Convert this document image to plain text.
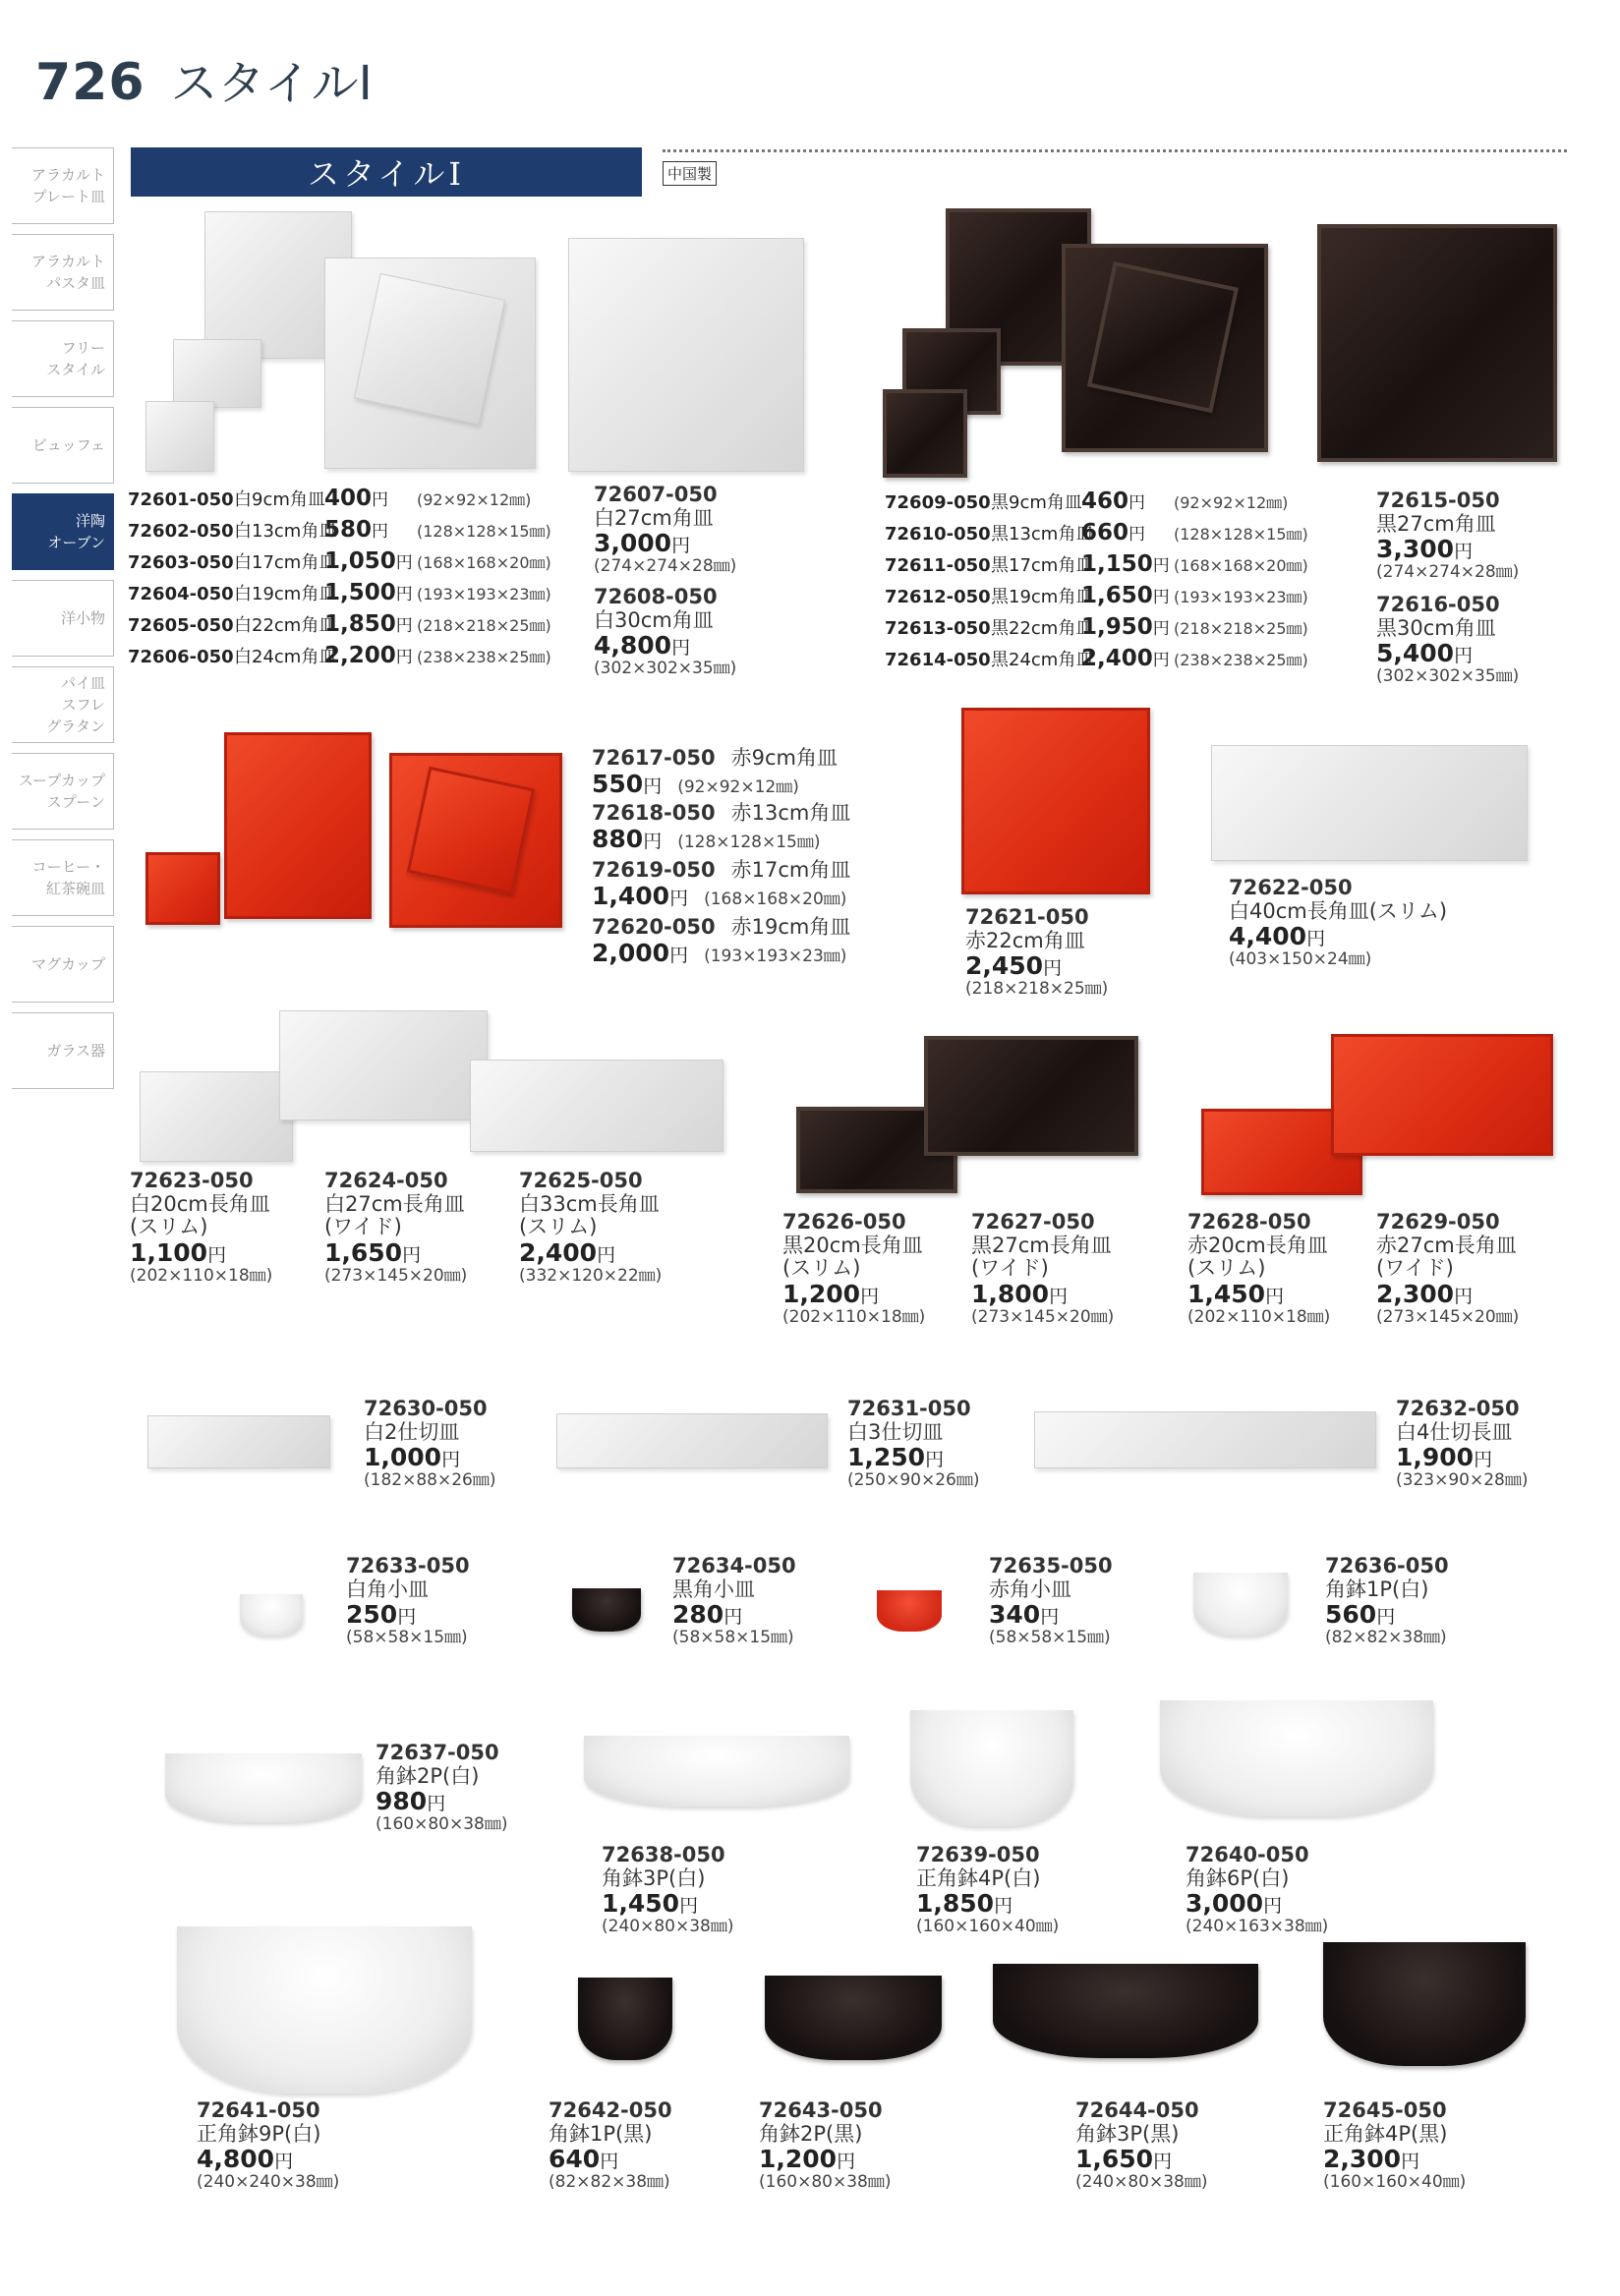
726 スタイルⅠ
アラカルト
プレート皿
アラカルト
パスタ皿
フリー
スタイル
ビュッフェ
洋陶
オーブン
洋小物
パイ皿
スフレ
グラタン
スープカップ
スプーン
コーヒー・
紅茶碗皿
マグカップ
ガラス器
スタイルⅠ	中国製
72601-050白9cm角皿400円 (92×92×12㎜)
72602-050白13cm角皿580円 (128×128×15㎜)
72603-050白17cm角皿1,050円 (168×168×20㎜)
72604-050白19cm角皿1,500円 (193×193×23㎜)
72605-050白22cm角皿1,850円 (218×218×25㎜)
72606-050白24cm角皿2,200円 (238×238×25㎜)
72609-050黒9cm角皿460円 (92×92×12㎜)
72610-050黒13cm角皿660円 (128×128×15㎜)
72611-050黒17cm角皿1,150円 (168×168×20㎜)
72612-050黒19cm角皿1,650円 (193×193×23㎜)
72613-050黒22cm角皿1,950円 (218×218×25㎜)
72614-050黒24cm角皿2,400円 (238×238×25㎜)
72607-050
白27cm角皿
3,000円
(274×274×28㎜)
72608-050
白30cm角皿
4,800円
(302×302×35㎜)
72615-050
黒27cm角皿
3,300円
(274×274×28㎜)
72616-050
黒30cm角皿
5,400円
(302×302×35㎜)
72617-050　 赤9cm角皿
550円　 (92×92×12㎜)
72618-050　 赤13cm角皿
880円　 (128×128×15㎜)
72619-050　 赤17cm角皿
1,400円　 (168×168×20㎜)
72620-050　 赤19cm角皿
2,000円　 (193×193×23㎜)
72621-050
赤22cm角皿
2,450円
(218×218×25㎜)
72622-050
白40cm長角皿(スリム)
4,400円
(403×150×24㎜)
72623-050
白20cm長角皿
(スリム)
1,100円
(202×110×18㎜)
72624-050
白27cm長角皿
(ワイド)
1,650円
(273×145×20㎜)
72625-050
白33cm長角皿
(スリム)
2,400円
(332×120×22㎜)
72626-050
黒20cm長角皿
(スリム)
1,200円
(202×110×18㎜)
72627-050
黒27cm長角皿
(ワイド)
1,800円
(273×145×20㎜)
72628-050
赤20cm長角皿
(スリム)
1,450円
(202×110×18㎜)
72629-050
赤27cm長角皿
(ワイド)
2,300円
(273×145×20㎜)
72630-050
白2仕切皿
1,000円
(182×88×26㎜)
72631-050
白3仕切皿
1,250円
(250×90×26㎜)
72632-050
白4仕切長皿
1,900円
(323×90×28㎜)
72633-050
白角小皿
250円
(58×58×15㎜)
72634-050
黒角小皿
280円
(58×58×15㎜)
72635-050
赤角小皿
340円
(58×58×15㎜)
72636-050
角鉢1P(白)
560円
(82×82×38㎜)
72637-050
角鉢2P(白)
980円
(160×80×38㎜)
72638-050
角鉢3P(白)
1,450円
(240×80×38㎜)
72639-050
正角鉢4P(白)
1,850円
(160×160×40㎜)
72640-050
角鉢6P(白)
3,000円
(240×163×38㎜)
72641-050
正角鉢9P(白)
4,800円
(240×240×38㎜)
72642-050
角鉢1P(黒)
640円
(82×82×38㎜)
72643-050
角鉢2P(黒)
1,200円
(160×80×38㎜)
72644-050
角鉢3P(黒)
1,650円
(240×80×38㎜)
72645-050
正角鉢4P(黒)
2,300円
(160×160×40㎜)
